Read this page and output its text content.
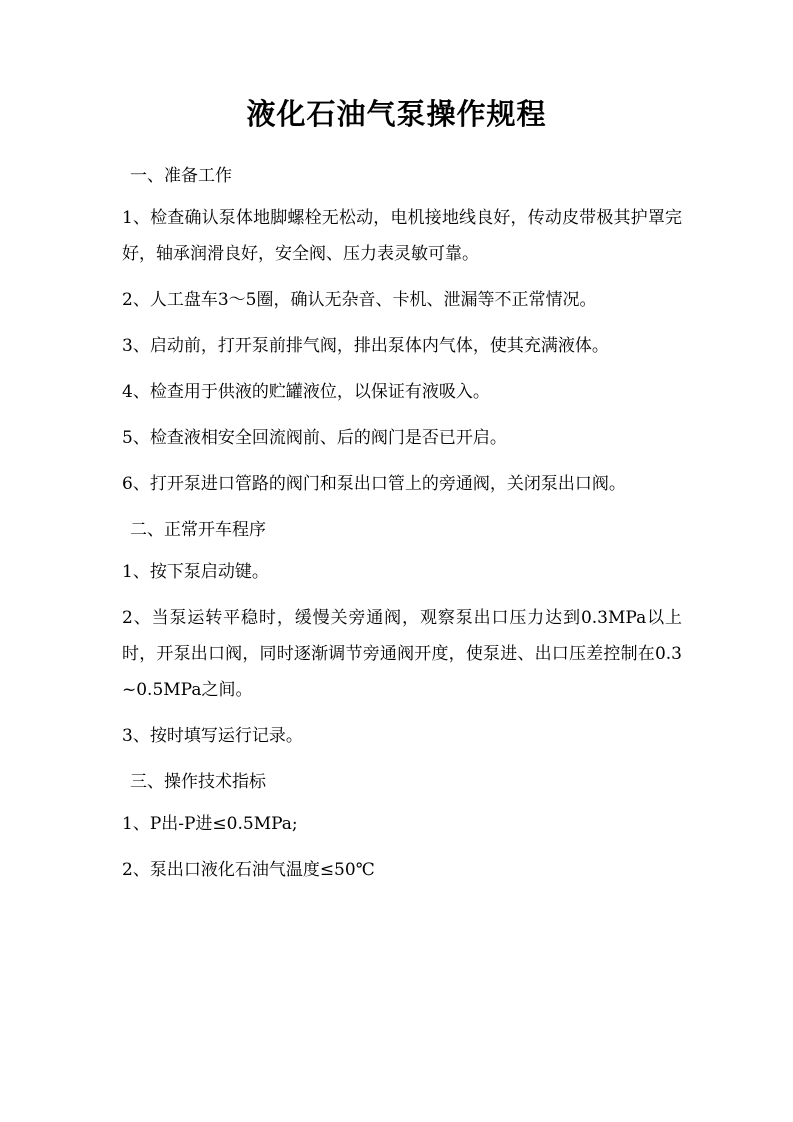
液化石油气泵操作规程

一、准备工作

1、检查确认泵体地脚螺栓无松动，电机接地线良好，传动皮带极其护罩完好，轴承润滑良好，安全阀、压力表灵敏可靠。

2、人工盘车3～5圈，确认无杂音、卡机、泄漏等不正常情况。

3、启动前，打开泵前排气阀，排出泵体内气体，使其充满液体。

4、检查用于供液的贮罐液位，以保证有液吸入。

5、检查液相安全回流阀前、后的阀门是否已开启。

6、打开泵进口管路的阀门和泵出口管上的旁通阀，关闭泵出口阀。

二、正常开车程序

1、按下泵启动键。

2、当泵运转平稳时，缓慢关旁通阀，观察泵出口压力达到0.3MPa以上时，开泵出口阀，同时逐渐调节旁通阀开度，使泵进、出口压差控制在0.3~0.5MPa之间。

3、按时填写运行记录。

三、操作技术指标

1、P出-P进≤0.5MPa;

2、泵出口液化石油气温度≤50℃
